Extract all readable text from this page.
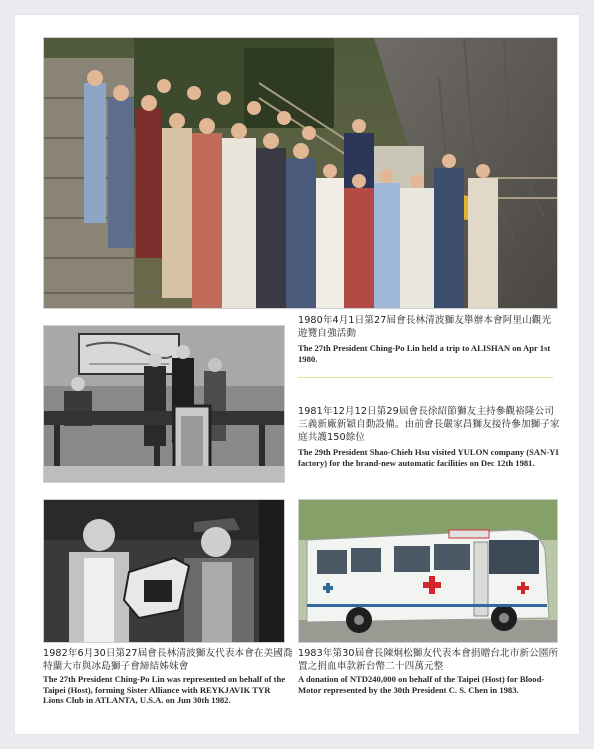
1980年4月1日第27屆會長林清波獅友舉辦本會阿里山觀光遊覽自強活動
The 27th President Ching-Po Lin held a trip to ALISHAN on Apr 1st 1980.
1981年12月12日第29屆會長徐紹節獅友主持參觀裕隆公司三義新廠新穎自動設備。由前會長嚴家昌獅友接待參加獅子家庭共護150餘位
The 29th President Shao-Chieh Hsu visited YULON company (SAN-YI factory) for the brand-new automatic facilities on Dec 12th 1981.
1982年6月30日第27屆會長林清波獅友代表本會在美國喬特蘭大市與冰島獅子會締結姊妹會
The 27th President Ching-Po Lin was represented on behalf of the Taipei (Host), forming Sister Alliance with REYKJAVIK TYR Lions Club in ATLANTA, U.S.A. on Jun 30th 1982.
1983年第30屆會長陳炯松獅友代表本會捐贈台北市新公園所置之捐血車款新台幣二十四萬元整
A donation of NTD240,000 on behalf of the Taipei (Host) for Blood-Motor represented by the 30th President C. S. Chen in 1983.
